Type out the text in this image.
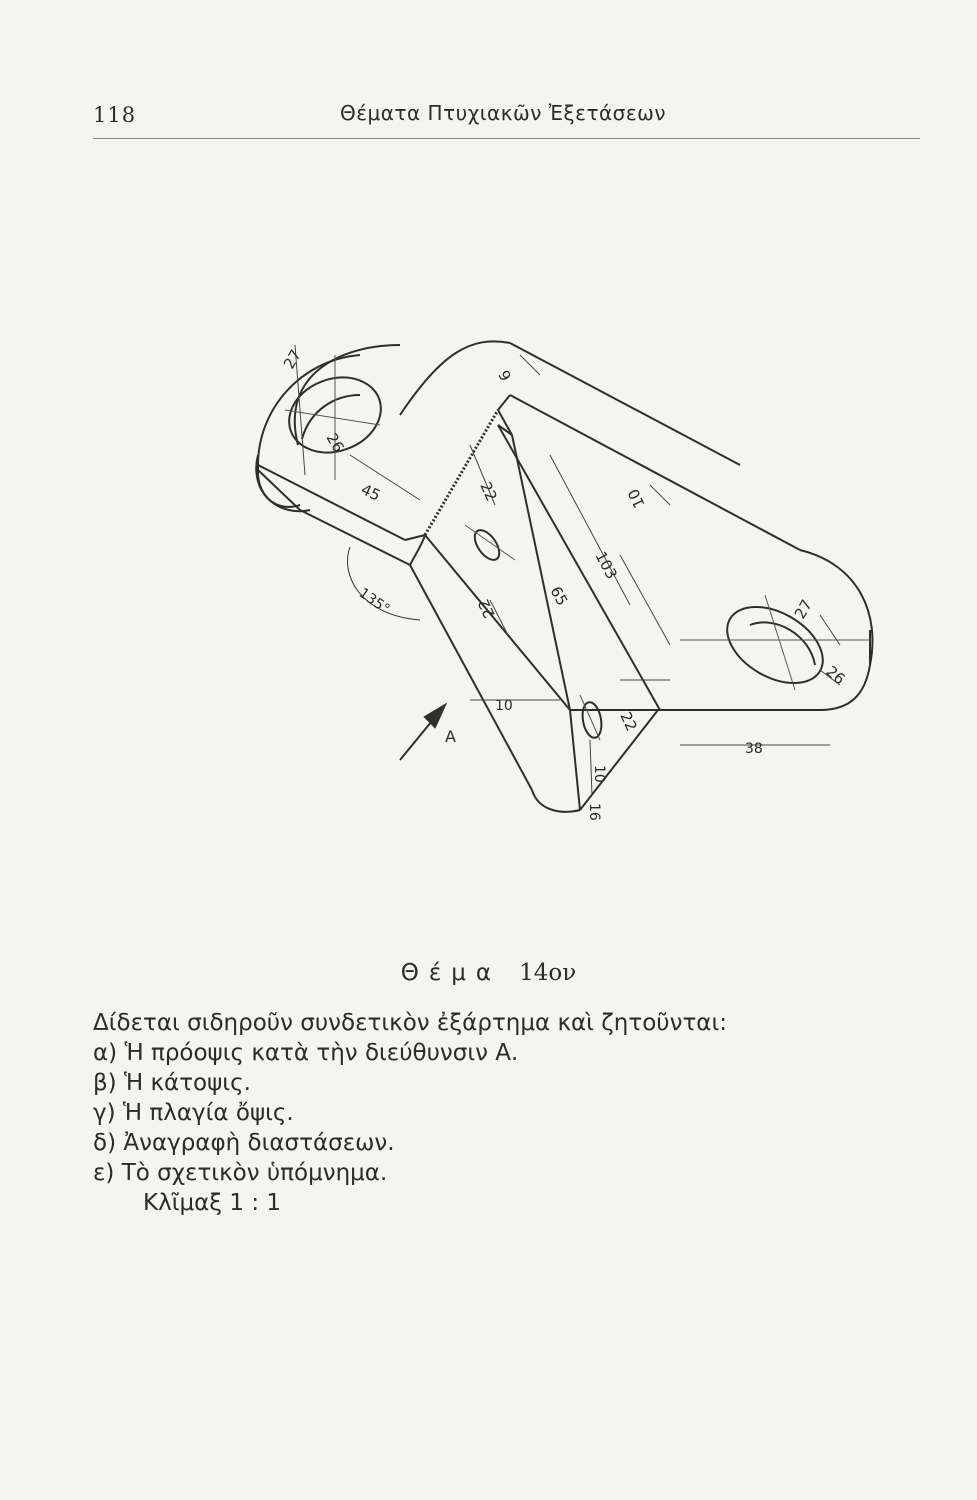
118	Θέματα Πτυχιακῶν Ἐξετάσεων
27
26
45
135°
22
22	65
103
10
6
10
22
10
16
27
26
38
A
Θέμα 14ον

Δίδεται σιδηροῦν συνδετικὸν ἐξάρτημα καὶ ζητοῦνται:

α) Ἡ πρόοψις κατὰ τὴν διεύθυνσιν Α.

β) Ἡ κάτοψις.

γ) Ἡ πλαγία ὄψις.

δ) Ἀναγραφὴ διαστάσεων.

ε) Τὸ σχετικὸν ὑπόμνημα.

Κλῖμαξ 1 : 1
